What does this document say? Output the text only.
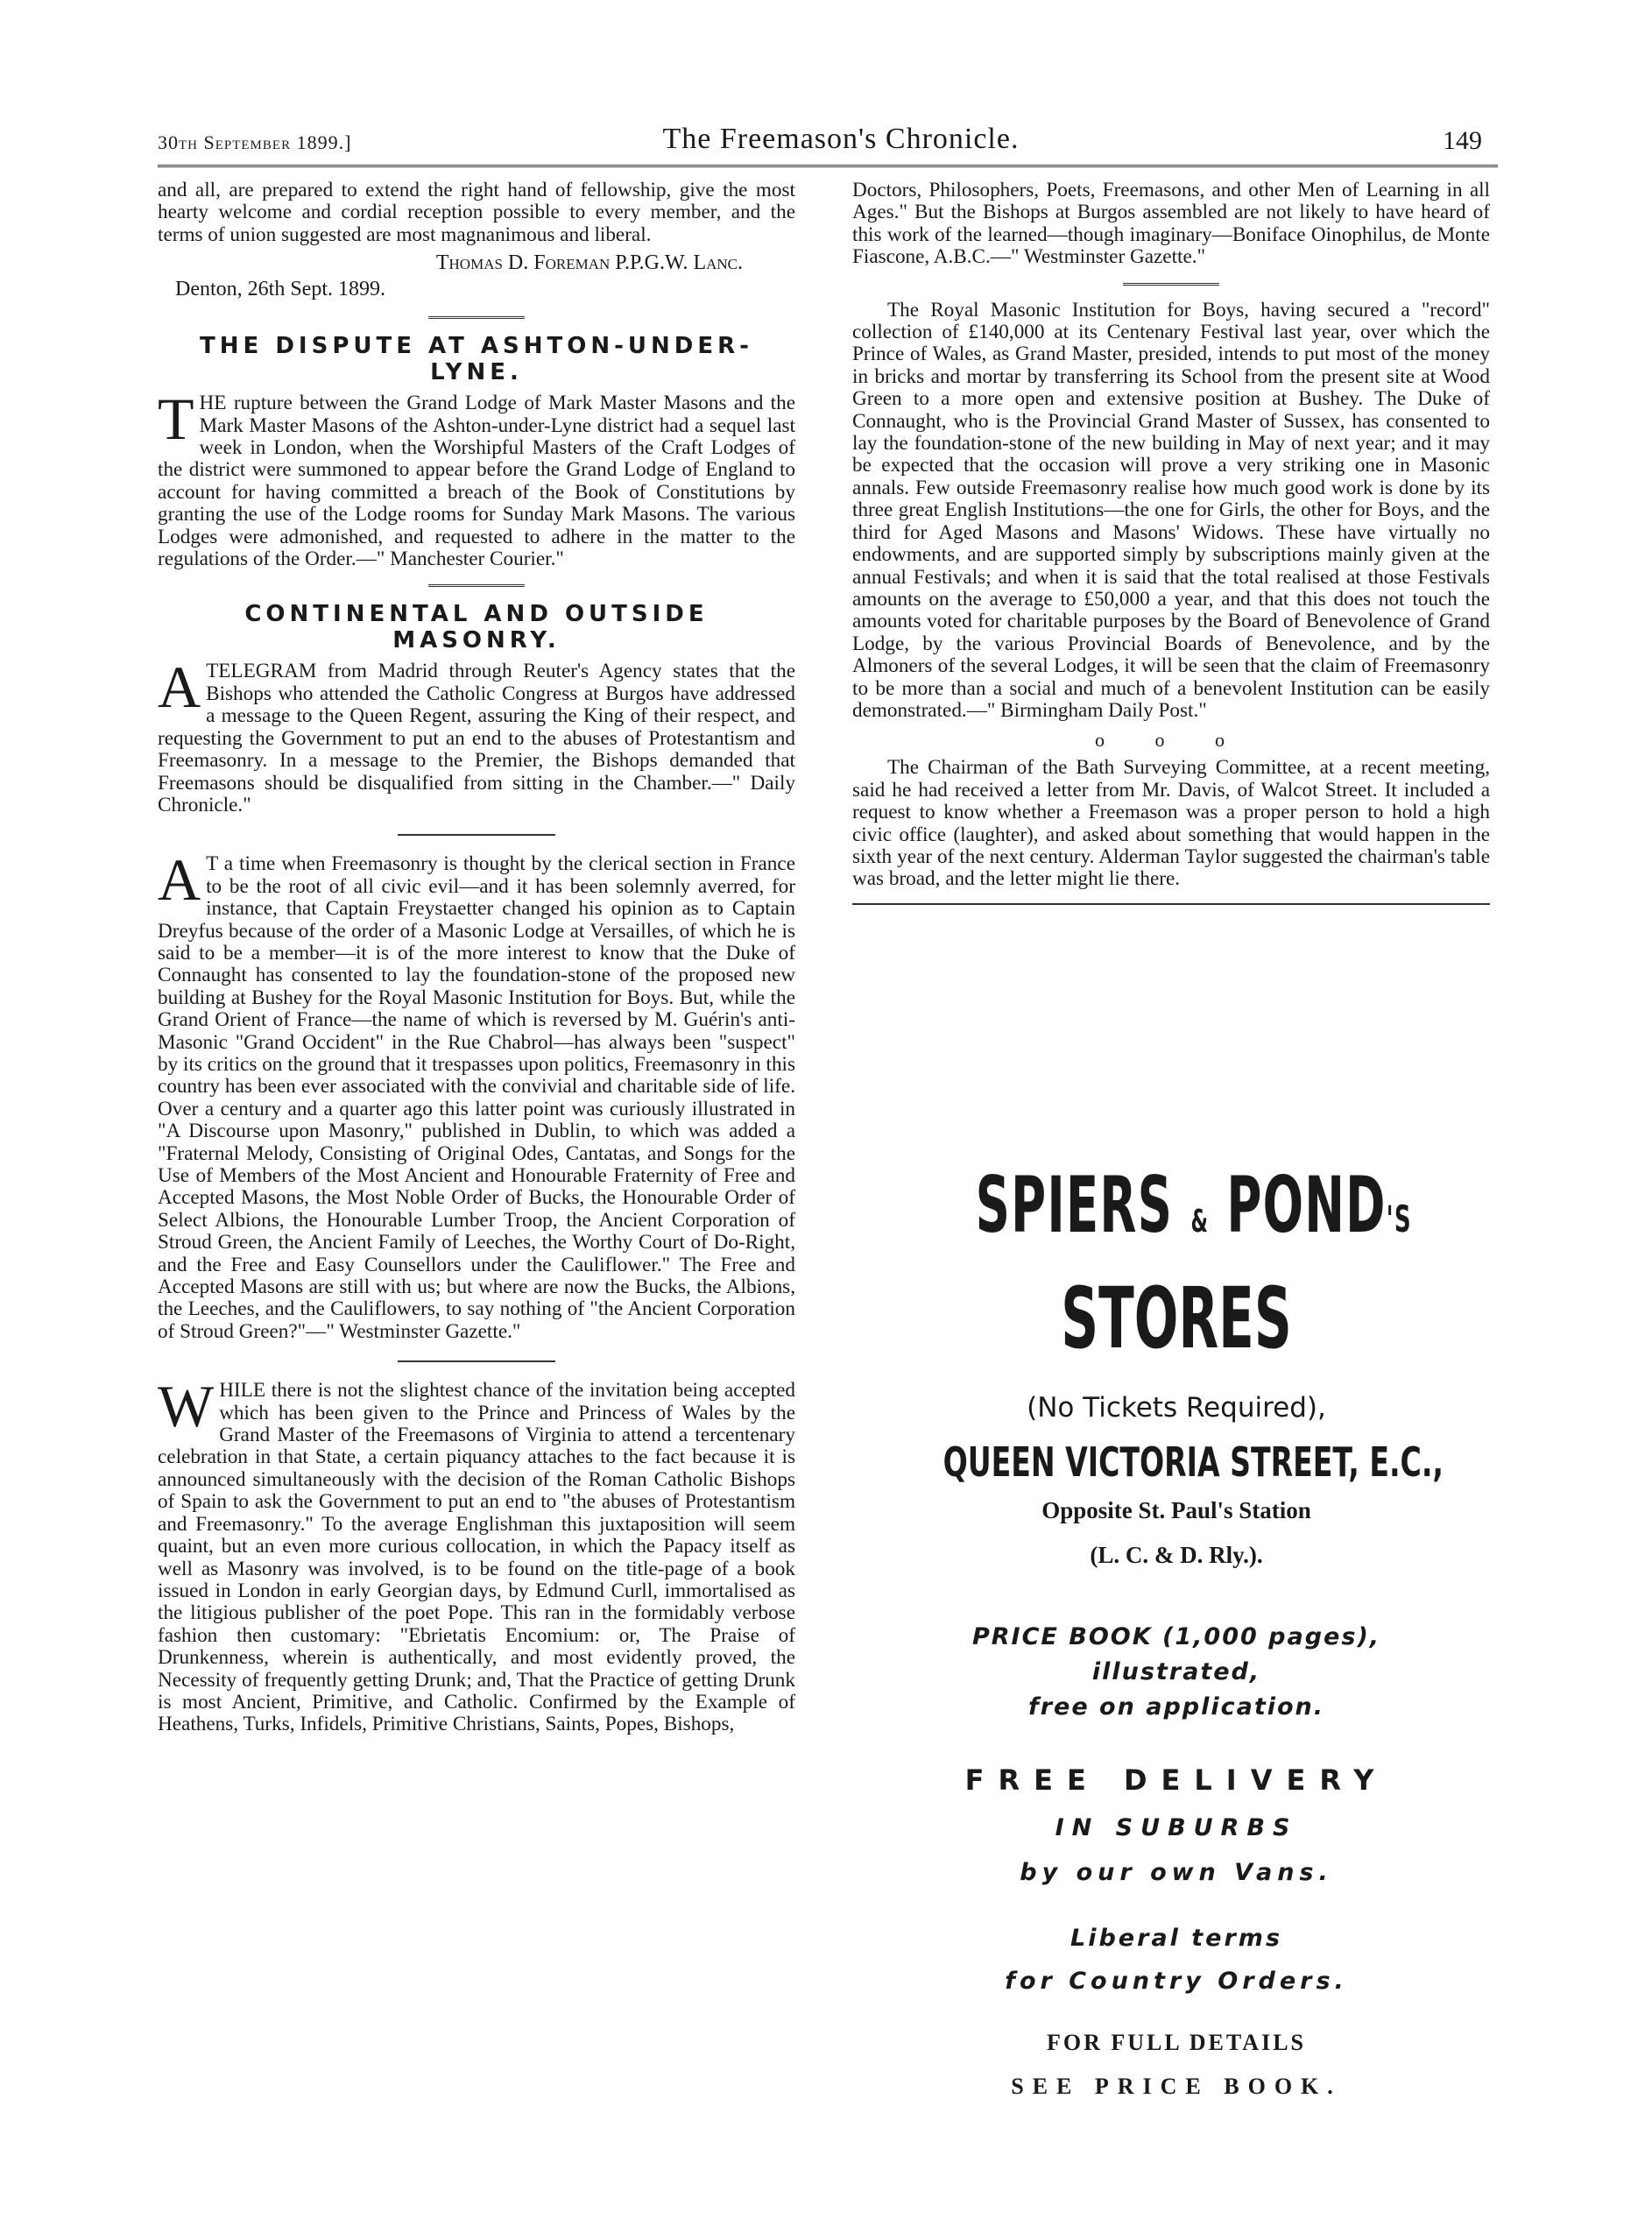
30th September 1899.]	The Freemason's Chronicle.	149

and all, are prepared to extend the right hand of fellowship, give the most hearty welcome and cordial reception possible to every member, and the terms of union suggested are most magnanimous and liberal.

Thomas D. Foreman P.P.G.W. Lanc.
Denton, 26th Sept. 1899.
THE DISPUTE AT ASHTON-UNDER-LYNE.

THE rupture between the Grand Lodge of Mark Master Masons and the Mark Master Masons of the Ashton-under-Lyne district had a sequel last week in London, when the Worshipful Masters of the Craft Lodges of the district were summoned to appear before the Grand Lodge of England to account for having committed a breach of the Book of Constitutions by granting the use of the Lodge rooms for Sunday Mark Masons. The various Lodges were admonished, and requested to adhere in the matter to the regulations of the Order.—" Manchester Courier."

CONTINENTAL AND OUTSIDE MASONRY.

ATELEGRAM from Madrid through Reuter's Agency states that the Bishops who attended the Catholic Congress at Burgos have addressed a message to the Queen Regent, assuring the King of their respect, and requesting the Government to put an end to the abuses of Protestantism and Freemasonry. In a message to the Premier, the Bishops demanded that Freemasons should be disqualified from sitting in the Chamber.—" Daily Chronicle."

A T a time when Freemasonry is thought by the clerical section in France to be the root of all civic evil—and it has been solemnly averred, for instance, that Captain Freystaetter changed his opinion as to Captain Dreyfus because of the order of a Masonic Lodge at Versailles, of which he is said to be a member—it is of the more interest to know that the Duke of Connaught has consented to lay the foundation-stone of the proposed new building at Bushey for the Royal Masonic Institution for Boys. But, while the Grand Orient of France—the name of which is reversed by M. Guérin's anti-Masonic "Grand Occident" in the Rue Chabrol—has always been "suspect" by its critics on the ground that it trespasses upon politics, Freemasonry in this country has been ever associated with the convivial and charitable side of life. Over a century and a quarter ago this latter point was curiously illustrated in "A Discourse upon Masonry," published in Dublin, to which was added a "Fraternal Melody, Consisting of Original Odes, Cantatas, and Songs for the Use of Members of the Most Ancient and Honourable Fraternity of Free and Accepted Masons, the Most Noble Order of Bucks, the Honourable Order of Select Albions, the Honourable Lumber Troop, the Ancient Corporation of Stroud Green, the Ancient Family of Leeches, the Worthy Court of Do-Right, and the Free and Easy Counsellors under the Cauliflower." The Free and Accepted Masons are still with us; but where are now the Bucks, the Albions, the Leeches, and the Cauliflowers, to say nothing of "the Ancient Corporation of Stroud Green?"—" Westminster Gazette."

WHILE there is not the slightest chance of the invitation being accepted which has been given to the Prince and Princess of Wales by the Grand Master of the Freemasons of Virginia to attend a tercentenary celebration in that State, a certain piquancy attaches to the fact because it is announced simultaneously with the decision of the Roman Catholic Bishops of Spain to ask the Government to put an end to "the abuses of Protestantism and Freemasonry." To the average Englishman this juxtaposition will seem quaint, but an even more curious collocation, in which the Papacy itself as well as Masonry was involved, is to be found on the title-page of a book issued in London in early Georgian days, by Edmund Curll, immortalised as the litigious publisher of the poet Pope. This ran in the formidably verbose fashion then customary: "Ebrietatis Encomium: or, The Praise of Drunkenness, wherein is authentically, and most evidently proved, the Necessity of frequently getting Drunk; and, That the Practice of getting Drunk is most Ancient, Primitive, and Catholic. Confirmed by the Example of Heathens, Turks, Infidels, Primitive Christians, Saints, Popes, Bishops,

Doctors, Philosophers, Poets, Freemasons, and other Men of Learning in all Ages." But the Bishops at Burgos assembled are not likely to have heard of this work of the learned—though imaginary—Boniface Oinophilus, de Monte Fiascone, A.B.C.—" Westminster Gazette."

The Royal Masonic Institution for Boys, having secured a "record" collection of £140,000 at its Centenary Festival last year, over which the Prince of Wales, as Grand Master, presided, intends to put most of the money in bricks and mortar by transferring its School from the present site at Wood Green to a more open and extensive position at Bushey. The Duke of Connaught, who is the Provincial Grand Master of Sussex, has consented to lay the foundation-stone of the new building in May of next year; and it may be expected that the occasion will prove a very striking one in Masonic annals. Few outside Freemasonry realise how much good work is done by its three great English Institutions—the one for Girls, the other for Boys, and the third for Aged Masons and Masons' Widows. These have virtually no endowments, and are supported simply by subscriptions mainly given at the annual Festivals; and when it is said that the total realised at those Festivals amounts on the average to £50,000 a year, and that this does not touch the amounts voted for charitable purposes by the Board of Benevolence of Grand Lodge, by the various Provincial Boards of Benevolence, and by the Almoners of the several Lodges, it will be seen that the claim of Freemasonry to be more than a social and much of a benevolent Institution can be easily demonstrated.—" Birmingham Daily Post."

o o o

The Chairman of the Bath Surveying Committee, at a recent meeting, said he had received a letter from Mr. Davis, of Walcot Street. It included a request to know whether a Freemason was a proper person to hold a high civic office (laughter), and asked about something that would happen in the sixth year of the next century. Alderman Taylor suggested the chairman's table was broad, and the letter might lie there.

SPIERS & POND'S
STORES
(No Tickets Required),
QUEEN VICTORIA STREET, E.C.,
Opposite St. Paul's Station
(L. C. & D. Rly.).
PRICE BOOK (1,000 pages),
illustrated,
free on application.
FREE DELIVERY
IN SUBURBS
by our own Vans.
Liberal terms
for Country Orders.
FOR FULL DETAILS
SEE PRICE BOOK.
